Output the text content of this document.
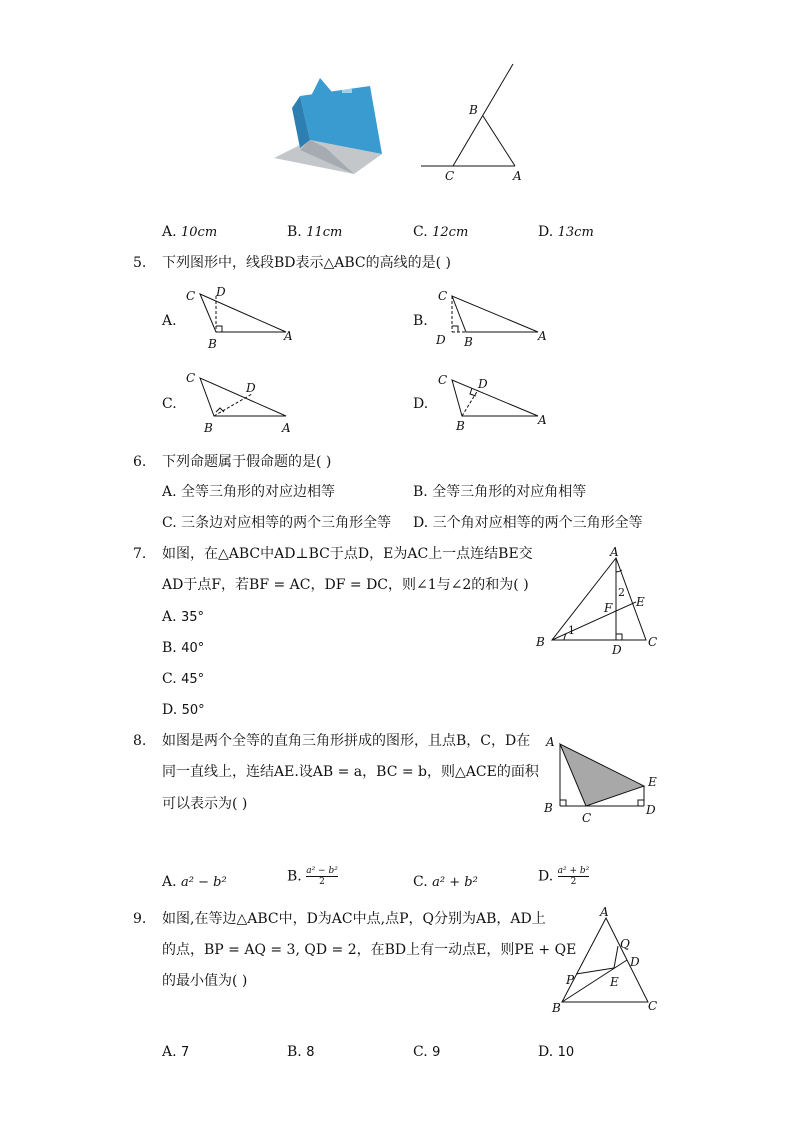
B
C	A
A. 10cm	B. 11cm	C. 12cm	D. 13cm
5. 下列图形中，线段BD表示△ABC的高线的是( )
A.
C D
B
A
B.
C
D B	A
C.
C
D
B	A
D.
C	D
B	A
6. 下列命题属于假命题的是( )
A. 全等三角形的对应边相等	B. 全等三角形的对应角相等
C. 三条边对应相等的两个三角形全等 D. 三个角对应相等的两个三角形全等
7. 如图，在△ABC中AD⊥BC于点D，E为AC上一点连结BE交
AD于点F，若BF = AC，DF = DC，则∠1与∠2的和为( )
A. 35°
B. 40°
C. 45°
D. 50°
A
B	C
D
E
F
1
2
8. 如图是两个全等的直角三角形拼成的图形，且点B，C，D在
同一直线上，连结AE.设AB = a，BC = b，则△ACE的面积
可以表示为( )
A
B
C
D
E
A. a² − b²	B. $\frac{\text{a² − b²}}{2}$	C. a² + b²	D. $\frac{\text{a² + b²}}{2}$
9. 如图,在等边△ABC中，D为AC中点,点P，Q分别为AB，AD上
的点，BP = AQ = 3, QD = 2，在BD上有一动点E，则PE + QE
的最小值为( )
A
Q
D
P	E
B	C
A. 7	B. 8	C. 9	D. 10
